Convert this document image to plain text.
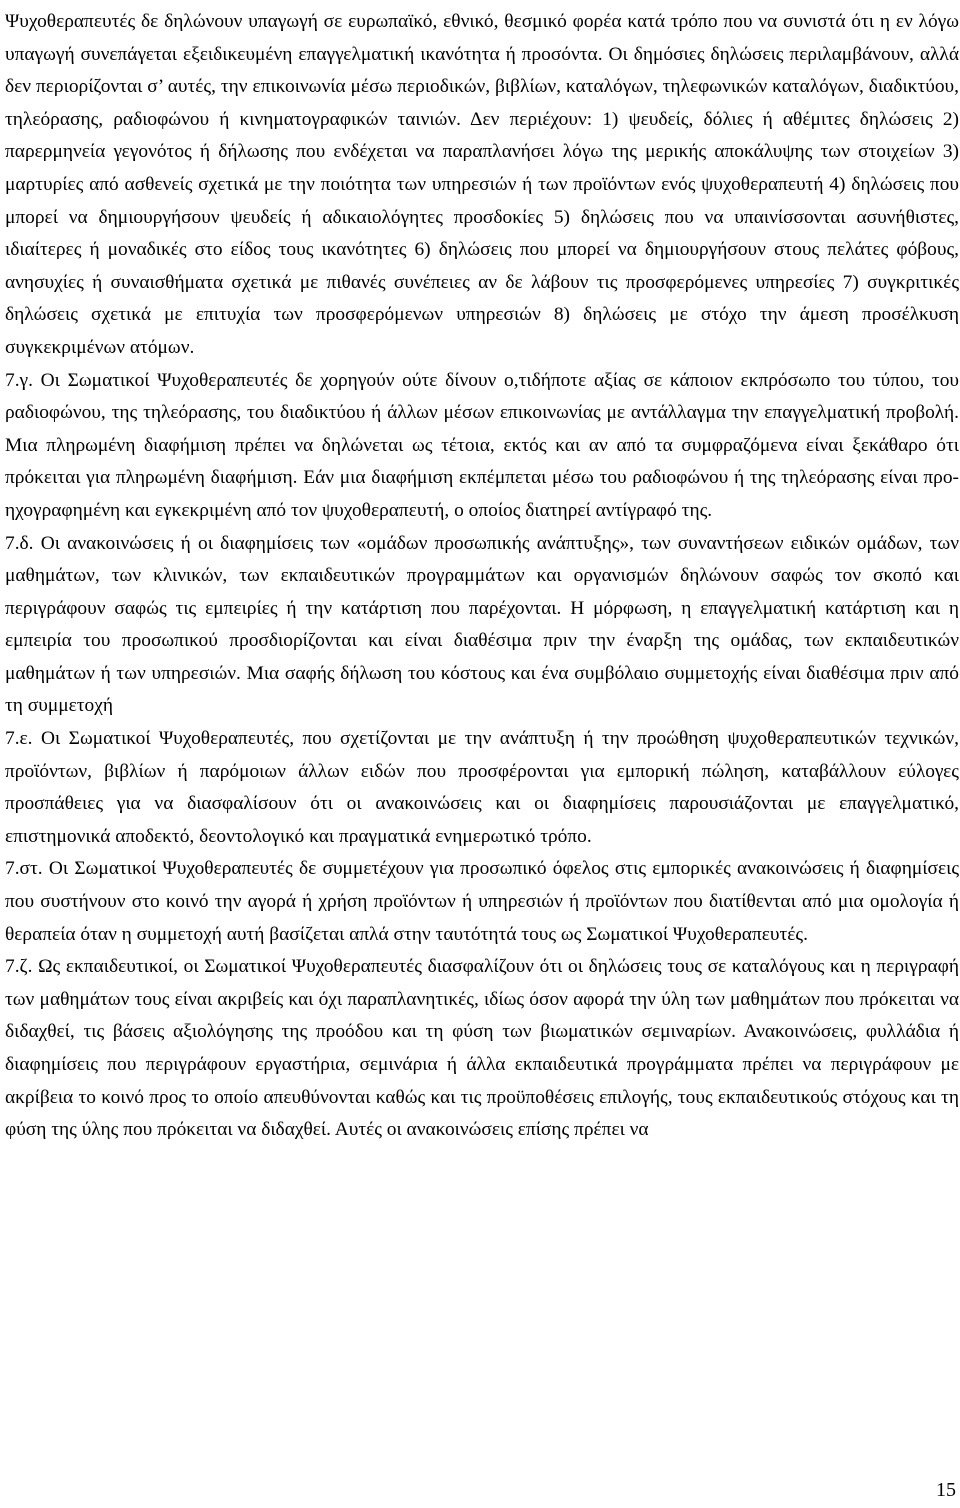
Ψυχοθεραπευτές δε δηλώνουν υπαγωγή σε ευρωπαϊκό, εθνικό, θεσμικό φορέα κατά τρόπο που να συνιστά ότι η εν λόγω υπαγωγή συνεπάγεται εξειδικευμένη επαγγελματική ικανότητα ή προσόντα. Οι δημόσιες δηλώσεις περιλαμβάνουν, αλλά δεν περιορίζονται σ’ αυτές, την επικοινωνία μέσω περιοδικών, βιβλίων, καταλόγων, τηλεφωνικών καταλόγων, διαδικτύου, τηλεόρασης, ραδιοφώνου ή κινηματογραφικών ταινιών. Δεν περιέχουν: 1) ψευδείς, δόλιες ή αθέμιτες δηλώσεις 2) παρερμηνεία γεγονότος ή δήλωσης που ενδέχεται να παραπλανήσει λόγω της μερικής αποκάλυψης των στοιχείων 3) μαρτυρίες από ασθενείς σχετικά με την ποιότητα των υπηρεσιών ή των προϊόντων ενός ψυχοθεραπευτή 4) δηλώσεις που μπορεί να δημιουργήσουν ψευδείς ή αδικαιολόγητες προσδοκίες 5) δηλώσεις που να υπαινίσσονται ασυνήθιστες, ιδιαίτερες ή μοναδικές στο είδος τους ικανότητες 6) δηλώσεις που μπορεί να δημιουργήσουν στους πελάτες φόβους, ανησυχίες ή συναισθήματα σχετικά με πιθανές συνέπειες αν δε λάβουν τις προσφερόμενες υπηρεσίες 7) συγκριτικές δηλώσεις σχετικά με επιτυχία των προσφερόμενων υπηρεσιών 8) δηλώσεις με στόχο την άμεση προσέλκυση συγκεκριμένων ατόμων.

7.γ. Οι Σωματικοί Ψυχοθεραπευτές δε χορηγούν ούτε δίνουν ο,τιδήποτε αξίας σε κάποιον εκπρόσωπο του τύπου, του ραδιοφώνου, της τηλεόρασης, του διαδικτύου ή άλλων μέσων επικοινωνίας με αντάλλαγμα την επαγγελματική προβολή. Μια πληρωμένη διαφήμιση πρέπει να δηλώνεται ως τέτοια, εκτός και αν από τα συμφραζόμενα είναι ξεκάθαρο ότι πρόκειται για πληρωμένη διαφήμιση. Εάν μια διαφήμιση εκπέμπεται μέσω του ραδιοφώνου ή της τηλεόρασης είναι προ-ηχογραφημένη και εγκεκριμένη από τον ψυχοθεραπευτή, ο οποίος διατηρεί αντίγραφό της.

7.δ. Οι ανακοινώσεις ή οι διαφημίσεις των «ομάδων προσωπικής ανάπτυξης», των συναντήσεων ειδικών ομάδων, των μαθημάτων, των κλινικών, των εκπαιδευτικών προγραμμάτων και οργανισμών δηλώνουν σαφώς τον σκοπό και περιγράφουν σαφώς τις εμπειρίες ή την κατάρτιση που παρέχονται. Η μόρφωση, η επαγγελματική κατάρτιση και η εμπειρία του προσωπικού προσδιορίζονται και είναι διαθέσιμα πριν την έναρξη της ομάδας, των εκπαιδευτικών μαθημάτων ή των υπηρεσιών. Μια σαφής δήλωση του κόστους και ένα συμβόλαιο συμμετοχής είναι διαθέσιμα πριν από τη συμμετοχή

7.ε. Οι Σωματικοί Ψυχοθεραπευτές, που σχετίζονται με την ανάπτυξη ή την προώθηση ψυχοθεραπευτικών τεχνικών, προϊόντων, βιβλίων ή παρόμοιων άλλων ειδών που προσφέρονται για εμπορική πώληση, καταβάλλουν εύλογες προσπάθειες για να διασφαλίσουν ότι οι ανακοινώσεις και οι διαφημίσεις παρουσιάζονται με επαγγελματικό, επιστημονικά αποδεκτό, δεοντολογικό και πραγματικά ενημερωτικό τρόπο.

7.στ. Οι Σωματικοί Ψυχοθεραπευτές δε συμμετέχουν για προσωπικό όφελος στις εμπορικές ανακοινώσεις ή διαφημίσεις που συστήνουν στο κοινό την αγορά ή χρήση προϊόντων ή υπηρεσιών ή προϊόντων που διατίθενται από μια ομολογία ή θεραπεία όταν η συμμετοχή αυτή βασίζεται απλά στην ταυτότητά τους ως Σωματικοί Ψυχοθεραπευτές.

7.ζ. Ως εκπαιδευτικοί, οι Σωματικοί Ψυχοθεραπευτές διασφαλίζουν ότι οι δηλώσεις τους σε καταλόγους και η περιγραφή των μαθημάτων τους είναι ακριβείς και όχι παραπλανητικές, ιδίως όσον αφορά την ύλη των μαθημάτων που πρόκειται να διδαχθεί, τις βάσεις αξιολόγησης της προόδου και τη φύση των βιωματικών σεμιναρίων. Ανακοινώσεις, φυλλάδια ή διαφημίσεις που περιγράφουν εργαστήρια, σεμινάρια ή άλλα εκπαιδευτικά προγράμματα πρέπει να περιγράφουν με ακρίβεια το κοινό προς το οποίο απευθύνονται καθώς και τις προϋποθέσεις επιλογής, τους εκπαιδευτικούς στόχους και τη φύση της ύλης που πρόκειται να διδαχθεί. Αυτές οι ανακοινώσεις επίσης πρέπει να

15
